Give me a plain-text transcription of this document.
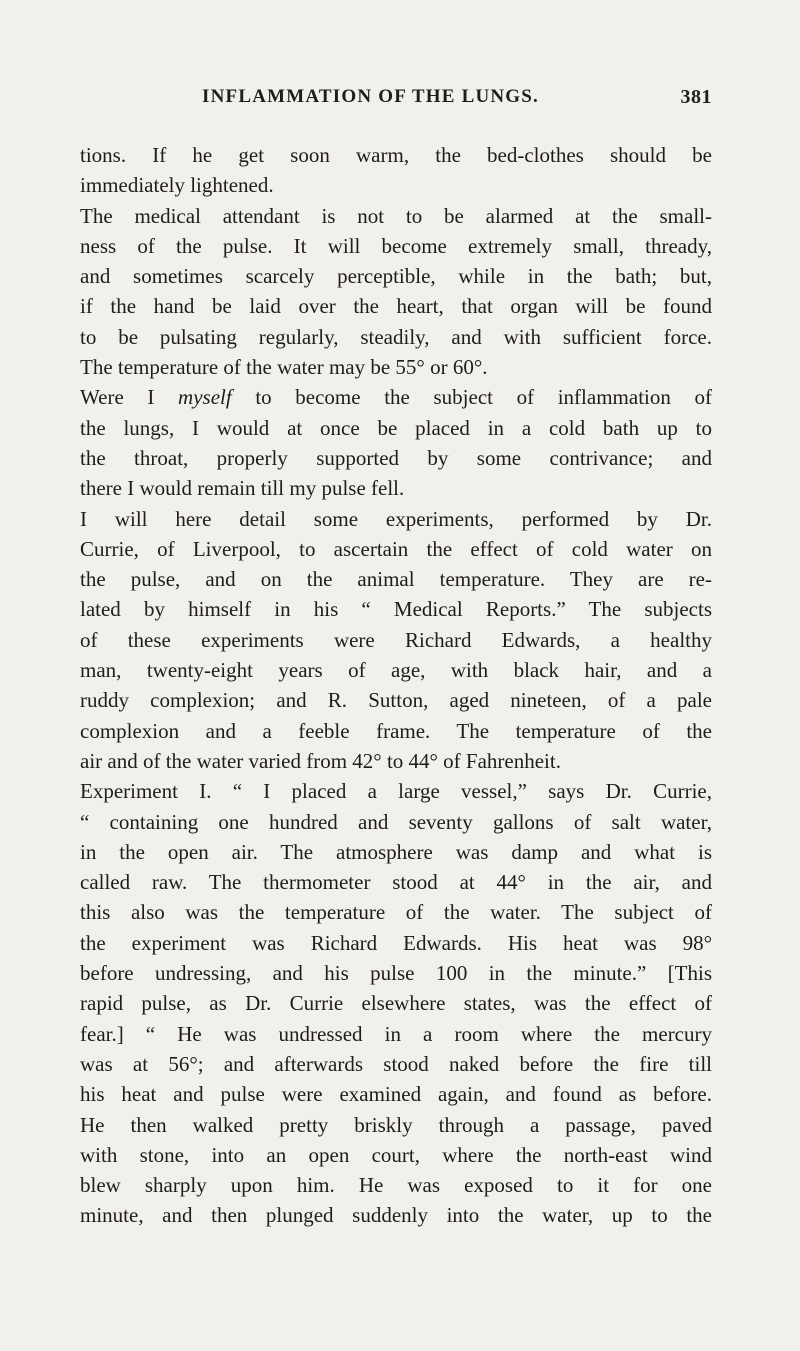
INFLAMMATION OF THE LUNGS.	381
tions. If he get soon warm, the bed-clothes should be
immediately lightened.
The medical attendant is not to be alarmed at the small-
ness of the pulse. It will become extremely small, thready,
and sometimes scarcely perceptible, while in the bath; but,
if the hand be laid over the heart, that organ will be found
to be pulsating regularly, steadily, and with sufficient force.
The temperature of the water may be 55° or 60°.
Were I myself to become the subject of inflammation of
the lungs, I would at once be placed in a cold bath up to
the throat, properly supported by some contrivance; and
there I would remain till my pulse fell.
I will here detail some experiments, performed by Dr.
Currie, of Liverpool, to ascertain the effect of cold water on
the pulse, and on the animal temperature. They are re-
lated by himself in his “ Medical Reports.” The subjects
of these experiments were Richard Edwards, a healthy
man, twenty-eight years of age, with black hair, and a
ruddy complexion; and R. Sutton, aged nineteen, of a pale
complexion and a feeble frame. The temperature of the
air and of the water varied from 42° to 44° of Fahrenheit.
Experiment I. “ I placed a large vessel,” says Dr. Currie,
“ containing one hundred and seventy gallons of salt water,
in the open air. The atmosphere was damp and what is
called raw. The thermometer stood at 44° in the air, and
this also was the temperature of the water. The subject of
the experiment was Richard Edwards. His heat was 98°
before undressing, and his pulse 100 in the minute.” [This
rapid pulse, as Dr. Currie elsewhere states, was the effect of
fear.] “ He was undressed in a room where the mercury
was at 56°; and afterwards stood naked before the fire till
his heat and pulse were examined again, and found as before.
He then walked pretty briskly through a passage, paved
with stone, into an open court, where the north-east wind
blew sharply upon him. He was exposed to it for one
minute, and then plunged suddenly into the water, up to the
